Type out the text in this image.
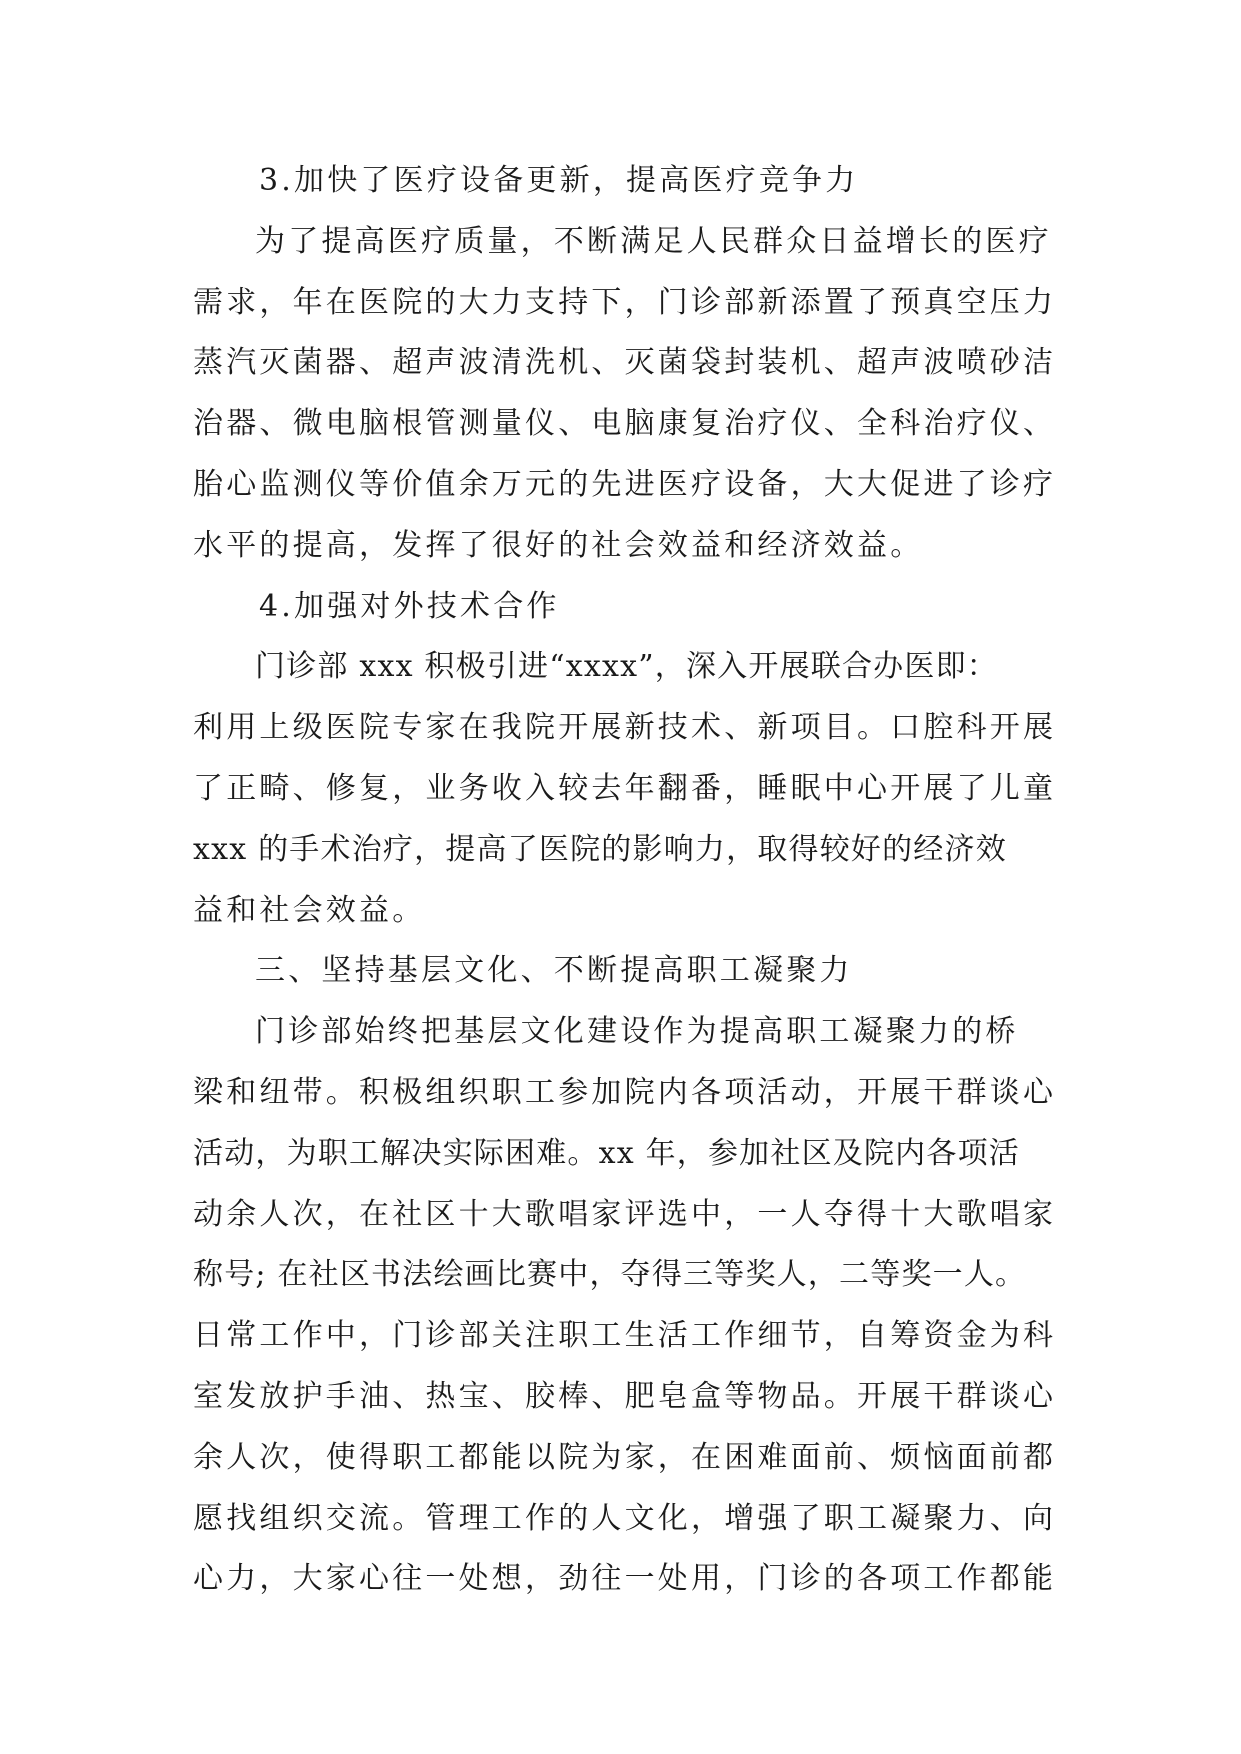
3.加快了医疗设备更新，提高医疗竞争力
为了提高医疗质量，不断满足人民群众日益增长的医疗
需求，年在医院的大力支持下，门诊部新添置了预真空压力
蒸汽灭菌器、超声波清洗机、灭菌袋封装机、超声波喷砂洁
治器、微电脑根管测量仪、电脑康复治疗仪、全科治疗仪、
胎心监测仪等价值余万元的先进医疗设备，大大促进了诊疗
水平的提高，发挥了很好的社会效益和经济效益。
4.加强对外技术合作
门诊部 xxx 积极引进“xxxx”，深入开展联合办医即：
利用上级医院专家在我院开展新技术、新项目。口腔科开展
了正畸、修复，业务收入较去年翻番，睡眠中心开展了儿童
xxx 的手术治疗，提高了医院的影响力，取得较好的经济效
益和社会效益。
三、坚持基层文化、不断提高职工凝聚力
门诊部始终把基层文化建设作为提高职工凝聚力的桥
梁和纽带。积极组织职工参加院内各项活动，开展干群谈心
活动，为职工解决实际困难。xx 年，参加社区及院内各项活
动余人次，在社区十大歌唱家评选中，一人夺得十大歌唱家
称号; 在社区书法绘画比赛中，夺得三等奖人，二等奖一人。
日常工作中，门诊部关注职工生活工作细节，自筹资金为科
室发放护手油、热宝、胶棒、肥皂盒等物品。开展干群谈心
余人次，使得职工都能以院为家，在困难面前、烦恼面前都
愿找组织交流。管理工作的人文化，增强了职工凝聚力、向
心力，大家心往一处想，劲往一处用，门诊的各项工作都能
